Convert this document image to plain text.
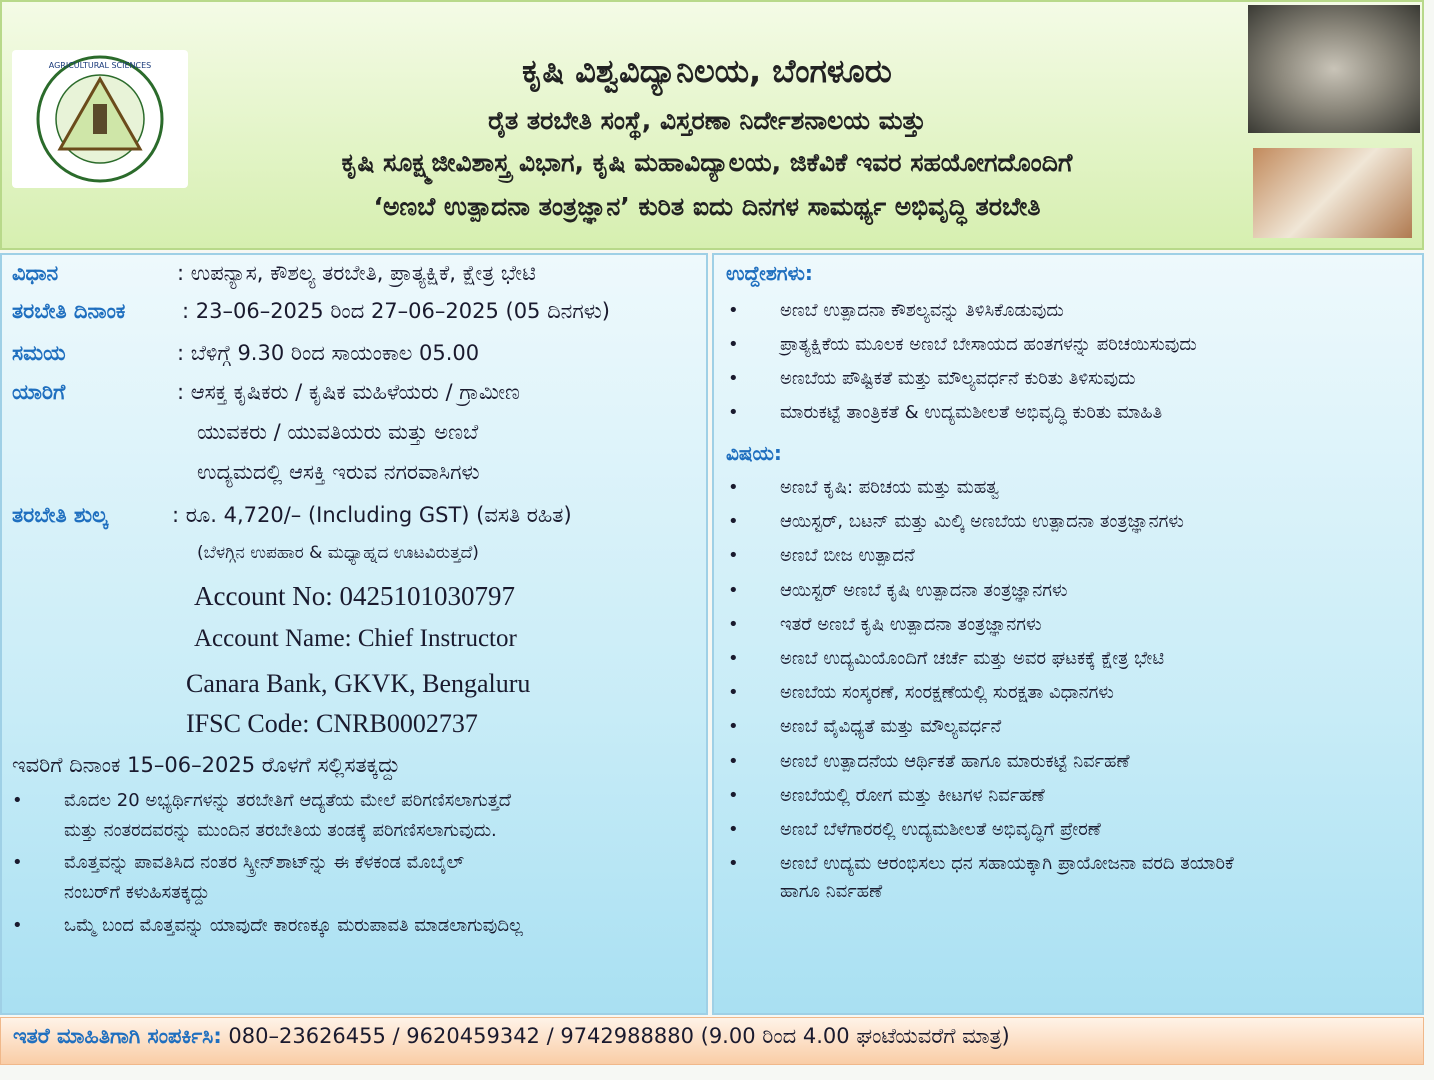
AGRICULTURAL SCIENCES	ಕೃಷಿ ವಿಶ್ವವಿದ್ಯಾನಿಲಯ, ಬೆಂಗಳೂರು
ರೈತ ತರಬೇತಿ ಸಂಸ್ಥೆ, ವಿಸ್ತರಣಾ ನಿರ್ದೇಶನಾಲಯ ಮತ್ತು
ಕೃಷಿ ಸೂಕ್ಷ್ಮಜೀವಿಶಾಸ್ತ್ರ ವಿಭಾಗ, ಕೃಷಿ ಮಹಾವಿದ್ಯಾಲಯ, ಜಿಕೆವಿಕೆ ಇವರ ಸಹಯೋಗದೊಂದಿಗೆ
‘ಅಣಬೆ ಉತ್ಪಾದನಾ ತಂತ್ರಜ್ಞಾನ’ ಕುರಿತ ಐದು ದಿನಗಳ ಸಾಮರ್ಥ್ಯ ಅಭಿವೃದ್ಧಿ ತರಬೇತಿ
ವಿಧಾನ	: ಉಪನ್ಯಾಸ, ಕೌಶಲ್ಯ ತರಬೇತಿ, ಪ್ರಾತ್ಯಕ್ಷಿಕೆ, ಕ್ಷೇತ್ರ ಭೇಟಿ
ತರಬೇತಿ ದಿನಾಂಕ	: 23–06–2025 ರಿಂದ 27–06–2025 (05 ದಿನಗಳು)
ಸಮಯ	: ಬೆಳಿಗ್ಗೆ 9.30 ರಿಂದ ಸಾಯಂಕಾಲ 05.00
ಯಾರಿಗೆ	: ಆಸಕ್ತ ಕೃಷಿಕರು / ಕೃಷಿಕ ಮಹಿಳೆಯರು / ಗ್ರಾಮೀಣ
ಯುವಕರು / ಯುವತಿಯರು ಮತ್ತು ಅಣಬೆ
ಉದ್ಯಮದಲ್ಲಿ ಆಸಕ್ತಿ ಇರುವ ನಗರವಾಸಿಗಳು
ತರಬೇತಿ ಶುಲ್ಕ	: ರೂ. 4,720/– (Including GST) (ವಸತಿ ರಹಿತ)
(ಬೆಳಗ್ಗಿನ ಉಪಹಾರ & ಮಧ್ಯಾಹ್ನದ ಊಟವಿರುತ್ತದೆ)
Account No: 0425101030797
Account Name: Chief Instructor
Canara Bank, GKVK, Bengaluru
IFSC Code: CNRB0002737
ಇವರಿಗೆ ದಿನಾಂಕ 15–06–2025 ರೊಳಗೆ ಸಲ್ಲಿಸತಕ್ಕದ್ದು
• ಮೊದಲ 20 ಅಭ್ಯರ್ಥಿಗಳನ್ನು ತರಬೇತಿಗೆ ಆದ್ಯತೆಯ ಮೇಲೆ ಪರಿಗಣಿಸಲಾಗುತ್ತದೆ
ಮತ್ತು ನಂತರದವರನ್ನು ಮುಂದಿನ ತರಬೇತಿಯ ತಂಡಕ್ಕೆ ಪರಿಗಣಿಸಲಾಗುವುದು.
• ಮೊತ್ತವನ್ನು ಪಾವತಿಸಿದ ನಂತರ ಸ್ಕ್ರೀನ್‌ಶಾಟ್‌ನ್ನು ಈ ಕೆಳಕಂಡ ಮೊಬೈಲ್
ನಂಬರ್‌ಗೆ ಕಳುಹಿಸತಕ್ಕದ್ದು
• ಒಮ್ಮೆ ಬಂದ ಮೊತ್ತವನ್ನು ಯಾವುದೇ ಕಾರಣಕ್ಕೂ ಮರುಪಾವತಿ ಮಾಡಲಾಗುವುದಿಲ್ಲ
ಉದ್ದೇಶಗಳು:
• ಅಣಬೆ ಉತ್ಪಾದನಾ ಕೌಶಲ್ಯವನ್ನು ತಿಳಿಸಿಕೊಡುವುದು
• ಪ್ರಾತ್ಯಕ್ಷಿಕೆಯ ಮೂಲಕ ಅಣಬೆ ಬೇಸಾಯದ ಹಂತಗಳನ್ನು ಪರಿಚಯಿಸುವುದು
• ಅಣಬೆಯ ಪೌಷ್ಟಿಕತೆ ಮತ್ತು ಮೌಲ್ಯವರ್ಧನೆ ಕುರಿತು ತಿಳಿಸುವುದು
• ಮಾರುಕಟ್ಟೆ ತಾಂತ್ರಿಕತೆ & ಉದ್ಯಮಶೀಲತೆ ಅಭಿವೃದ್ಧಿ ಕುರಿತು ಮಾಹಿತಿ
ವಿಷಯ:
• ಅಣಬೆ ಕೃಷಿ: ಪರಿಚಯ ಮತ್ತು ಮಹತ್ವ
• ಆಯಿಸ್ಟರ್, ಬಟನ್ ಮತ್ತು ಮಿಲ್ಕಿ ಅಣಬೆಯ ಉತ್ಪಾದನಾ ತಂತ್ರಜ್ಞಾನಗಳು
• ಅಣಬೆ ಬೀಜ ಉತ್ಪಾದನೆ
• ಆಯಿಸ್ಟರ್ ಅಣಬೆ ಕೃಷಿ ಉತ್ಪಾದನಾ ತಂತ್ರಜ್ಞಾನಗಳು
• ಇತರೆ ಅಣಬೆ ಕೃಷಿ ಉತ್ಪಾದನಾ ತಂತ್ರಜ್ಞಾನಗಳು
• ಅಣಬೆ ಉದ್ಯಮಿಯೊಂದಿಗೆ ಚರ್ಚೆ ಮತ್ತು ಅವರ ಘಟಕಕ್ಕೆ ಕ್ಷೇತ್ರ ಭೇಟಿ
• ಅಣಬೆಯ ಸಂಸ್ಕರಣೆ, ಸಂರಕ್ಷಣೆಯಲ್ಲಿ ಸುರಕ್ಷತಾ ವಿಧಾನಗಳು
• ಅಣಬೆ ವೈವಿಧ್ಯತೆ ಮತ್ತು ಮೌಲ್ಯವರ್ಧನೆ
• ಅಣಬೆ ಉತ್ಪಾದನೆಯ ಆರ್ಥಿಕತೆ ಹಾಗೂ ಮಾರುಕಟ್ಟೆ ನಿರ್ವಹಣೆ
• ಅಣಬೆಯಲ್ಲಿ ರೋಗ ಮತ್ತು ಕೀಟಗಳ ನಿರ್ವಹಣೆ
• ಅಣಬೆ ಬೆಳೆಗಾರರಲ್ಲಿ ಉದ್ಯಮಶೀಲತೆ ಅಭಿವೃದ್ಧಿಗೆ ಪ್ರೇರಣೆ
• ಅಣಬೆ ಉದ್ಯಮ ಆರಂಭಿಸಲು ಧನ ಸಹಾಯಕ್ಕಾಗಿ ಪ್ರಾಯೋಜನಾ ವರದಿ ತಯಾರಿಕೆ
ಹಾಗೂ ನಿರ್ವಹಣೆ
ಇತರೆ ಮಾಹಿತಿಗಾಗಿ ಸಂಪರ್ಕಿಸಿ: 080–23626455 / 9620459342 / 9742988880 (9.00 ರಿಂದ 4.00 ಘಂಟೆಯವರೆಗೆ ಮಾತ್ರ)
